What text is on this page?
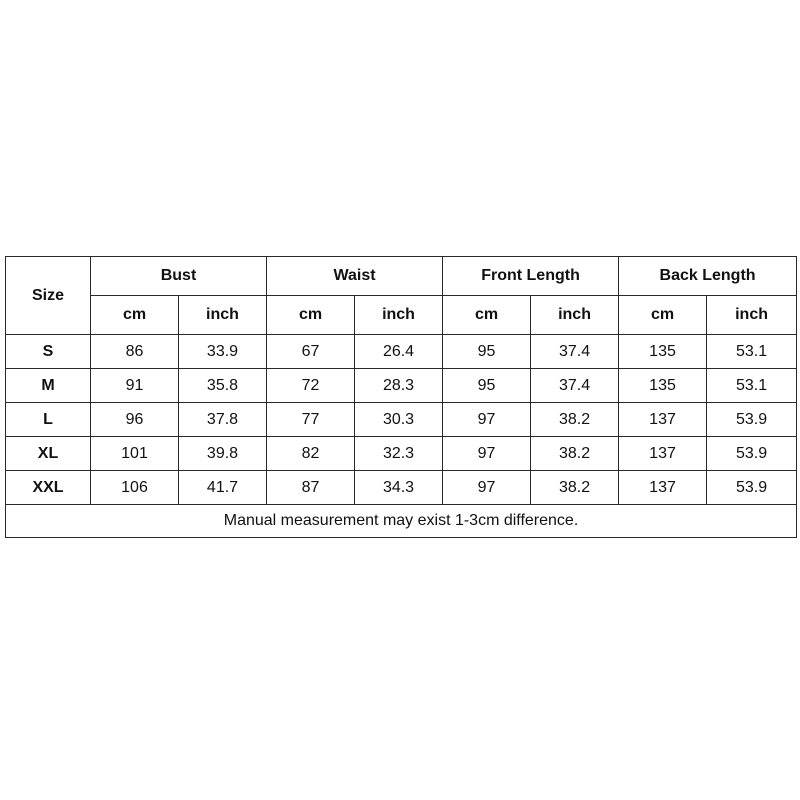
Size	Bust		Waist		Front Length		Back Length	
	cm	inch	cm	inch	cm	inch	cm	inch
S	86	33.9	67	26.4	95	37.4	135	53.1
M	91	35.8	72	28.3	95	37.4	135	53.1
L	96	37.8	77	30.3	97	38.2	137	53.9
XL	101	39.8	82	32.3	97	38.2	137	53.9
XXL	106	41.7	87	34.3	97	38.2	137	53.9
Manual measurement may exist 1-3cm difference.								
